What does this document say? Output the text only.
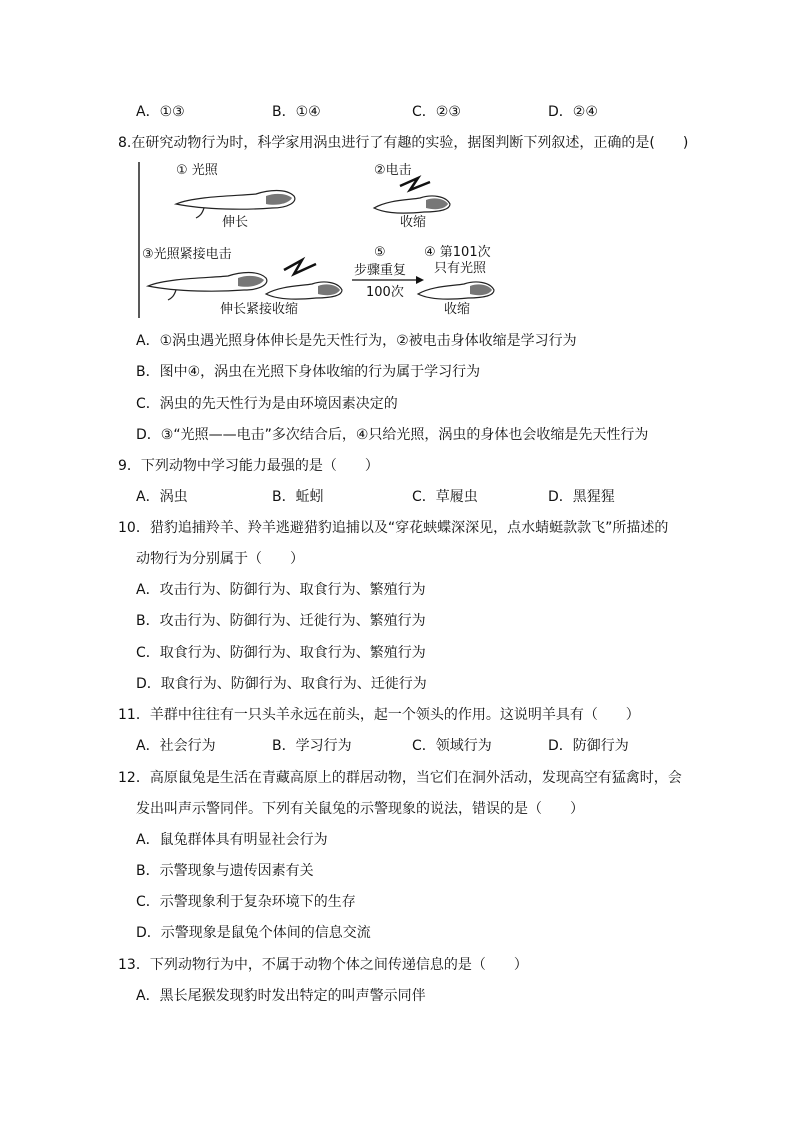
A．①③	B．①④	C．②③	D．②④
8.在研究动物行为时，科学家用涡虫进行了有趣的实验，据图判断下列叙述，正确的是(　　)
① 光照
伸长
②电击
收缩
③光照紧接电击
伸长紧接收缩
⑤
步骤重复
100次
④ 第101次
只有光照
收缩
A．①涡虫遇光照身体伸长是先天性行为，②被电击身体收缩是学习行为
B．图中④，涡虫在光照下身体收缩的行为属于学习行为
C．涡虫的先天性行为是由环境因素决定的
D．③“光照——电击”多次结合后，④只给光照，涡虫的身体也会收缩是先天性行为
9．下列动物中学习能力最强的是（　　）
A．涡虫	B．蚯蚓	C．草履虫	D．黑猩猩
10．猎豹追捕羚羊、羚羊逃避猎豹追捕以及“穿花蛱蝶深深见，点水蜻蜓款款飞”所描述的
动物行为分别属于（　　）
A．攻击行为、防御行为、取食行为、繁殖行为
B．攻击行为、防御行为、迁徙行为、繁殖行为
C．取食行为、防御行为、取食行为、繁殖行为
D．取食行为、防御行为、取食行为、迁徙行为
11．羊群中往往有一只头羊永远在前头，起一个领头的作用。这说明羊具有（　　）
A．社会行为	B．学习行为	C．领域行为	D．防御行为
12．高原鼠兔是生活在青藏高原上的群居动物，当它们在洞外活动，发现高空有猛禽时，会
发出叫声示警同伴。下列有关鼠兔的示警现象的说法，错误的是（　　）
A．鼠兔群体具有明显社会行为
B．示警现象与遗传因素有关
C．示警现象利于复杂环境下的生存
D．示警现象是鼠兔个体间的信息交流
13．下列动物行为中，不属于动物个体之间传递信息的是（　　）
A．黑长尾猴发现豹时发出特定的叫声警示同伴
